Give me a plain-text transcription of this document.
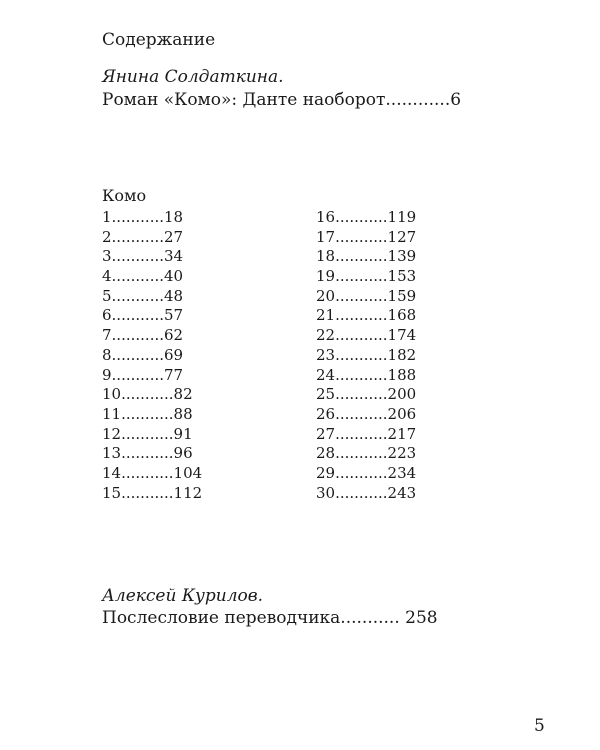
Содержание
Янина Солдаткина.
Роман «Комо»: Данте наоборот............6
Комо
1...........18
2...........27
3...........34
4...........40
5...........48
6...........57
7...........62
8...........69
9...........77
10...........82
11...........88
12...........91
13...........96
14...........104
15...........112
16...........119
17...........127
18...........139
19...........153
20...........159
21...........168
22...........174
23...........182
24...........188
25...........200
26...........206
27...........217
28...........223
29...........234
30...........243
Алексей Курилов.
Послесловие переводчика........... 258
5
